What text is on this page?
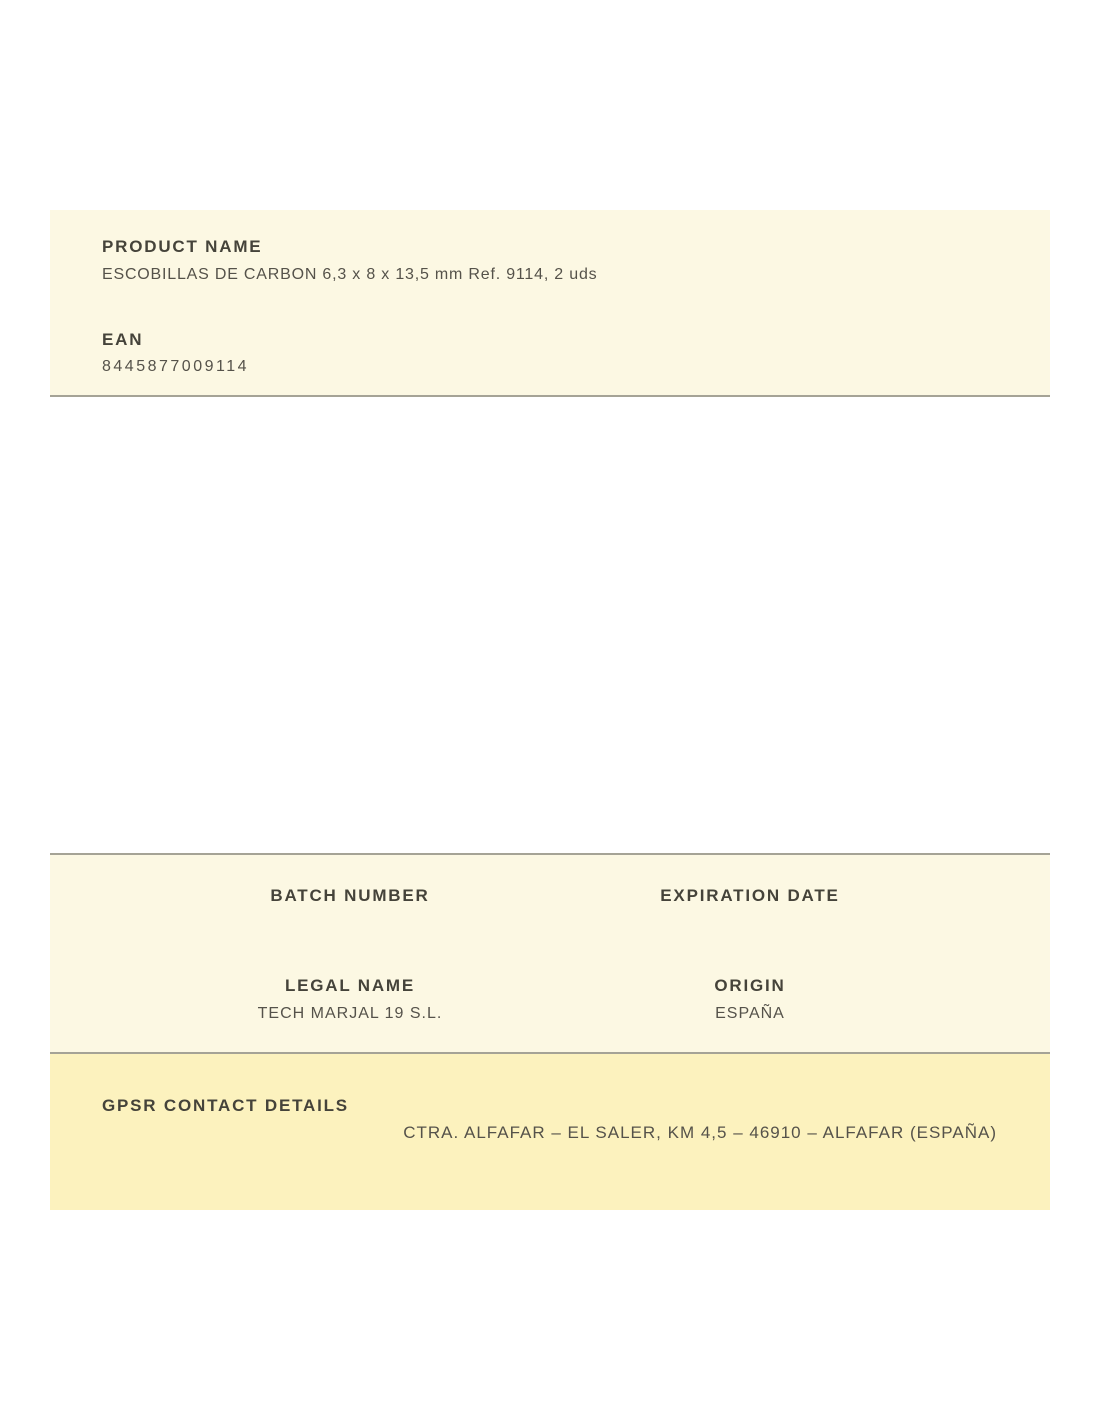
PRODUCT NAME
ESCOBILLAS DE CARBON 6,3 x 8 x 13,5 mm Ref. 9114, 2 uds
EAN
8445877009114
BATCH NUMBER	EXPIRATION DATE
LEGAL NAME	ORIGIN
TECH MARJAL 19 S.L.	ESPAÑA
GPSR CONTACT DETAILS
CTRA. ALFAFAR – EL SALER, KM 4,5 – 46910 – ALFAFAR (ESPAÑA)
